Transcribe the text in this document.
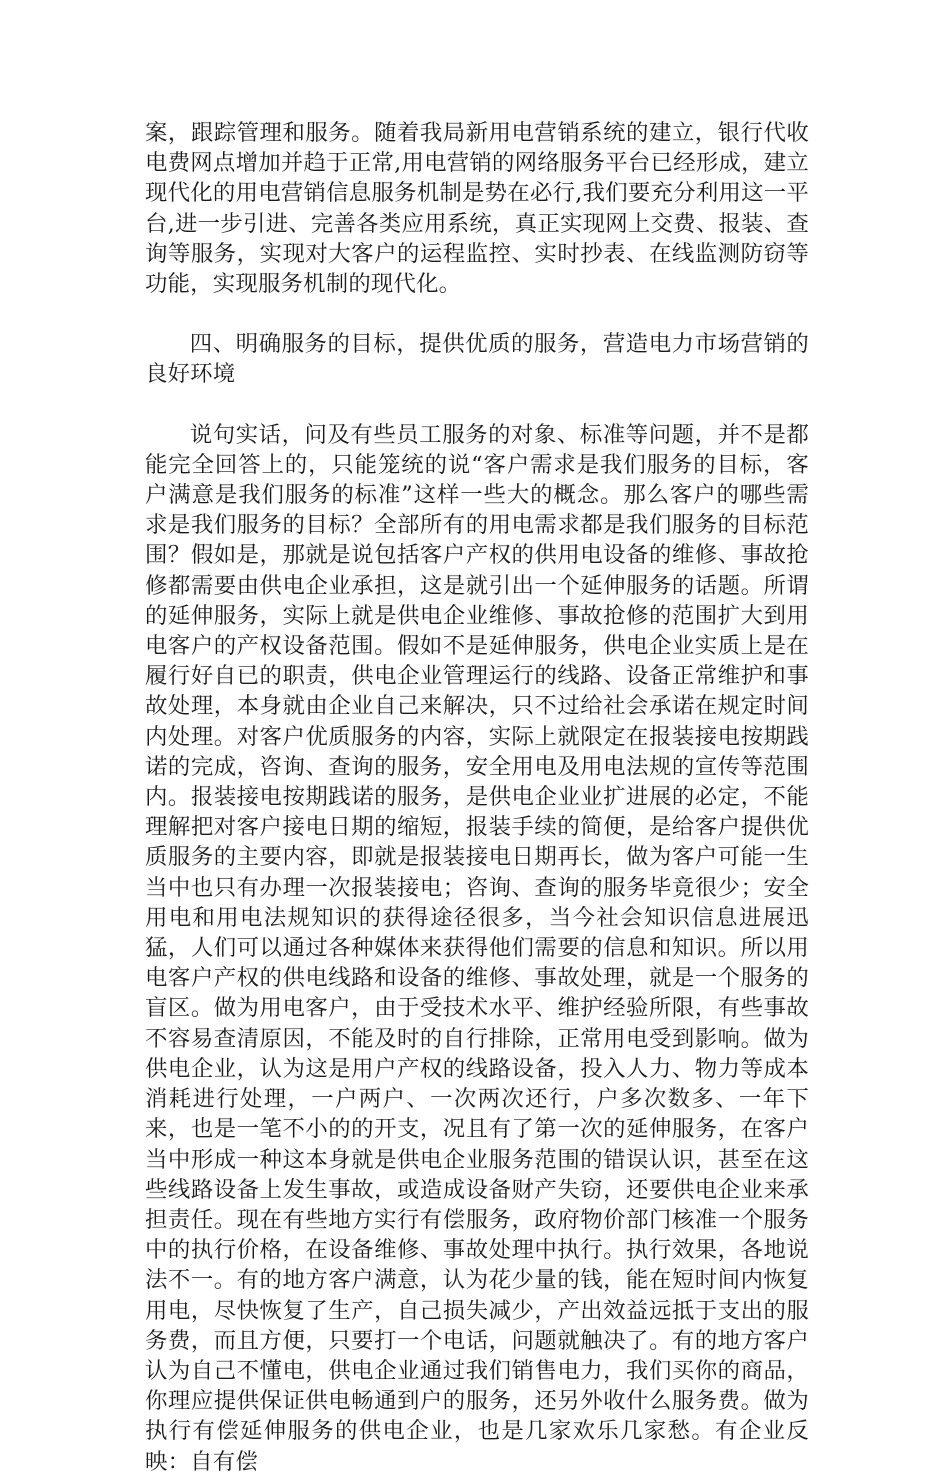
案，跟踪管理和服务。随着我局新用电营销系统的建立，银行代收电费网点增加并趋于正常,用电营销的网络服务平台已经形成，建立现代化的用电营销信息服务机制是势在必行,我们要充分利用这一平台,进一步引进、完善各类应用系统，真正实现网上交费、报装、查询等服务，实现对大客户的运程监控、实时抄表、在线监测防窃等功能，实现服务机制的现代化。

四、明确服务的目标，提供优质的服务，营造电力市场营销的良好环境

说句实话，问及有些员工服务的对象、标准等问题，并不是都能完全回答上的，只能笼统的说“客户需求是我们服务的目标，客户满意是我们服务的标准”这样一些大的概念。那么客户的哪些需求是我们服务的目标？全部所有的用电需求都是我们服务的目标范围？假如是，那就是说包括客户产权的供用电设备的维修、事故抢修都需要由供电企业承担，这是就引出一个延伸服务的话题。所谓的延伸服务，实际上就是供电企业维修、事故抢修的范围扩大到用电客户的产权设备范围。假如不是延伸服务，供电企业实质上是在履行好自已的职责，供电企业管理运行的线路、设备正常维护和事故处理，本身就由企业自己来解决，只不过给社会承诺在规定时间内处理。对客户优质服务的内容，实际上就限定在报装接电按期践诺的完成，咨询、查询的服务，安全用电及用电法规的宣传等范围内。报装接电按期践诺的服务，是供电企业业扩进展的必定，不能理解把对客户接电日期的缩短，报装手续的简便，是给客户提供优质服务的主要内容，即就是报装接电日期再长，做为客户可能一生当中也只有办理一次报装接电；咨询、查询的服务毕竟很少；安全用电和用电法规知识的获得途径很多，当今社会知识信息进展迅猛，人们可以通过各种媒体来获得他们需要的信息和知识。所以用电客户产权的供电线路和设备的维修、事故处理，就是一个服务的盲区。做为用电客户，由于受技术水平、维护经验所限，有些事故不容易查清原因，不能及时的自行排除，正常用电受到影响。做为供电企业，认为这是用户产权的线路设备，投入人力、物力等成本消耗进行处理，一户两户、一次两次还行，户多次数多、一年下来，也是一笔不小的的开支，况且有了第一次的延伸服务，在客户当中形成一种这本身就是供电企业服务范围的错误认识，甚至在这些线路设备上发生事故，或造成设备财产失窃，还要供电企业来承担责任。现在有些地方实行有偿服务，政府物价部门核准一个服务中的执行价格，在设备维修、事故处理中执行。执行效果，各地说法不一。有的地方客户满意，认为花少量的钱，能在短时间内恢复用电，尽快恢复了生产，自己损失减少，产出效益远抵于支出的服务费，而且方便，只要打一个电话，问题就触决了。有的地方客户认为自己不懂电，供电企业通过我们销售电力，我们买你的商品，你理应提供保证供电畅通到户的服务，还另外收什么服务费。做为执行有偿延伸服务的供电企业，也是几家欢乐几家愁。有企业反映：自有偿
